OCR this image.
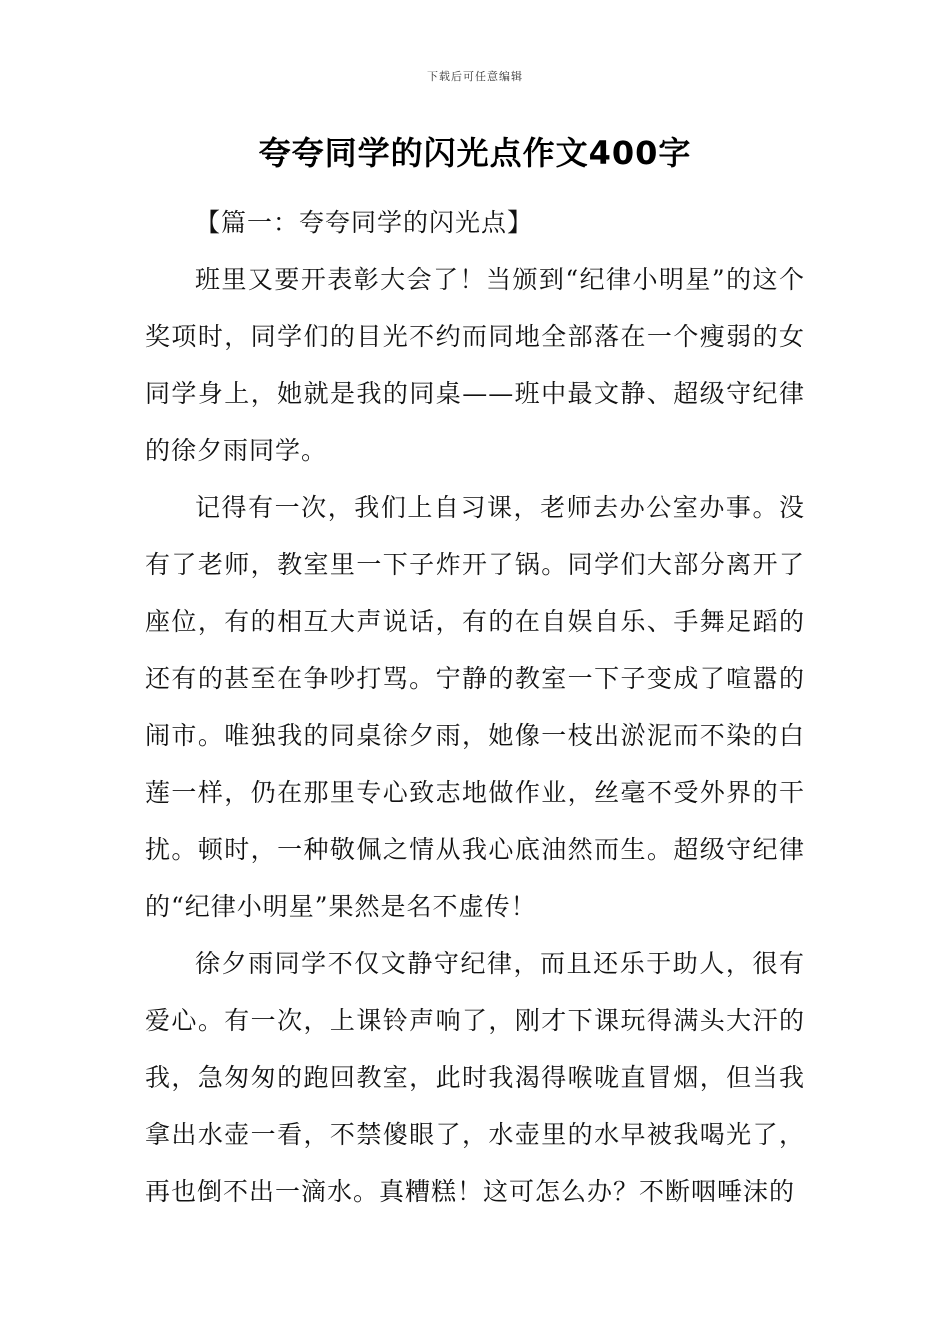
下载后可任意编辑
夸夸同学的闪光点作文400字
【篇一：夸夸同学的闪光点】

班里又要开表彰大会了！当颁到“纪律小明星”的这个奖项时，同学们的目光不约而同地全部落在一个瘦弱的女同学身上，她就是我的同桌——班中最文静、超级守纪律的徐夕雨同学。

记得有一次，我们上自习课，老师去办公室办事。没有了老师，教室里一下子炸开了锅。同学们大部分离开了座位，有的相互大声说话，有的在自娱自乐、手舞足蹈的还有的甚至在争吵打骂。宁静的教室一下子变成了喧嚣的闹市。唯独我的同桌徐夕雨，她像一枝出淤泥而不染的白莲一样，仍在那里专心致志地做作业，丝毫不受外界的干扰。顿时，一种敬佩之情从我心底油然而生。超级守纪律的“纪律小明星”果然是名不虚传！

徐夕雨同学不仅文静守纪律，而且还乐于助人，很有爱心。有一次，上课铃声响了，刚才下课玩得满头大汗的我，急匆匆的跑回教室，此时我渴得喉咙直冒烟，但当我拿出水壶一看，不禁傻眼了，水壶里的水早被我喝光了，再也倒不出一滴水。真糟糕！这可怎么办？不断咽唾沫的
